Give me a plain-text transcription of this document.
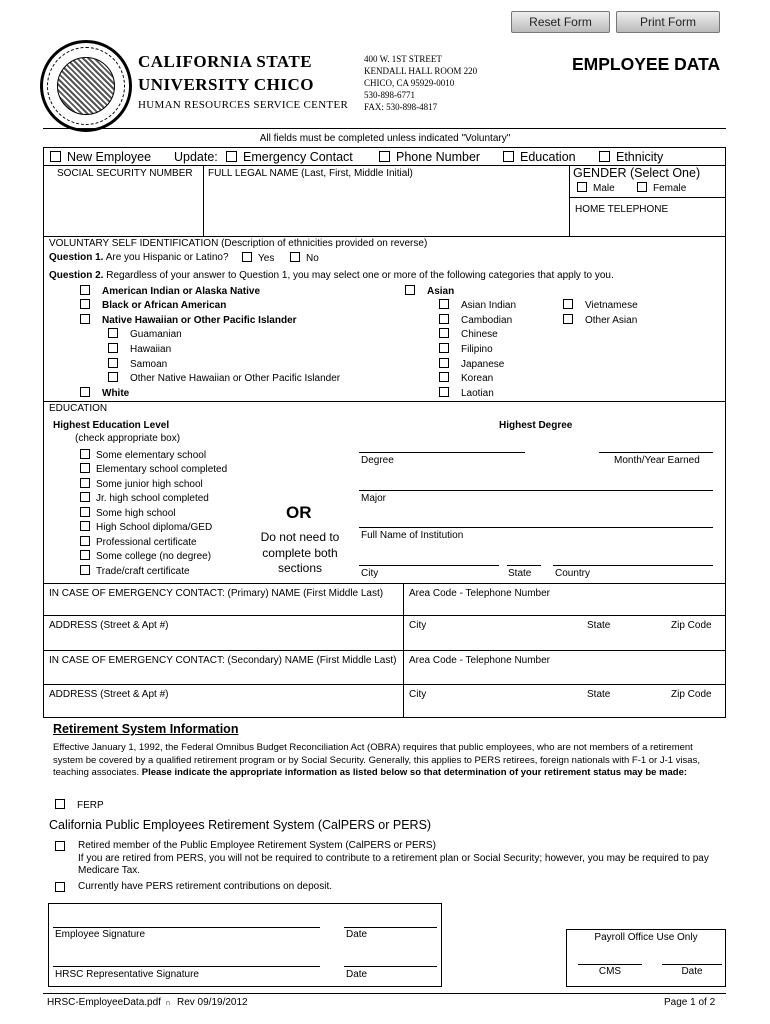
Reset Form	Print Form
CALIFORNIA STATE
UNIVERSITY CHICO
HUMAN RESOURCES SERVICE CENTER
400 W. 1ST STREET
KENDALL HALL ROOM 220
CHICO, CA 95929-0010
530-898-6771
FAX: 530-898-4817
EMPLOYEE DATA
All fields must be completed unless indicated "Voluntary"
New Employee Update:	Emergency Contact	Phone Number	Education	Ethnicity
SOCIAL SECURITY NUMBER FULL LEGAL NAME (Last, First, Middle Initial)	GENDER (Select One)
Male	Female
HOME TELEPHONE
VOLUNTARY SELF IDENTIFICATION (Description of ethnicities provided on reverse)
Question 1. Are you Hispanic or Latino?	Yes	No
Question 2. Regardless of your answer to Question 1, you may select one or more of the following categories that apply to you.
American Indian or Alaska Native
Black or African American
Native Hawaiian or Other Pacific Islander
Guamanian
Hawaiian
Samoan
Other Native Hawaiian or Other Pacific Islander
White
Asian
Asian Indian
Cambodian
Chinese
Filipino
Japanese
Korean
Laotian
Vietnamese
Other Asian
EDUCATION
Highest Education Level
(check appropriate box)
Some elementary school
Elementary school completed
Some junior high school
Jr. high school completed
Some high school
High School diploma/GED
Professional certificate
Some college (no degree)
Trade/craft certificate
OR
Do not need to
complete both
sections
Highest Degree
Degree	Month/Year Earned
Major
Full Name of Institution
City	State Country
IN CASE OF EMERGENCY CONTACT: (Primary) NAME (First Middle Last)	Area Code - Telephone Number
ADDRESS (Street & Apt #)	City	State	Zip Code
IN CASE OF EMERGENCY CONTACT: (Secondary) NAME (First Middle Last) Area Code - Telephone Number
ADDRESS (Street & Apt #)	City	State	Zip Code
Retirement System Information
Effective January 1, 1992, the Federal Omnibus Budget Reconciliation Act (OBRA) requires that public employees, who are not members of a retirement system be covered by a qualified retirement program or by Social Security. Generally, this applies to PERS retirees, foreign nationals with F-1 or J-1 visas, teaching associates. Please indicate the appropriate information as listed below so that determination of your retirement status may be made:
FERP
California Public Employees Retirement System (CalPERS or PERS)
Retired member of the Public Employee Retirement System (CalPERS or PERS)
If you are retired from PERS, you will not be required to contribute to a retirement plan or Social Security; however, you may be required to pay Medicare Tax.
Currently have PERS retirement contributions on deposit.
Employee Signature	Date
HRSC Representative Signature	Date
Payroll Office Use Only
CMS	Date
HRSC-EmployeeData.pdf ∩ Rev 09/19/2012	Page 1 of 2
